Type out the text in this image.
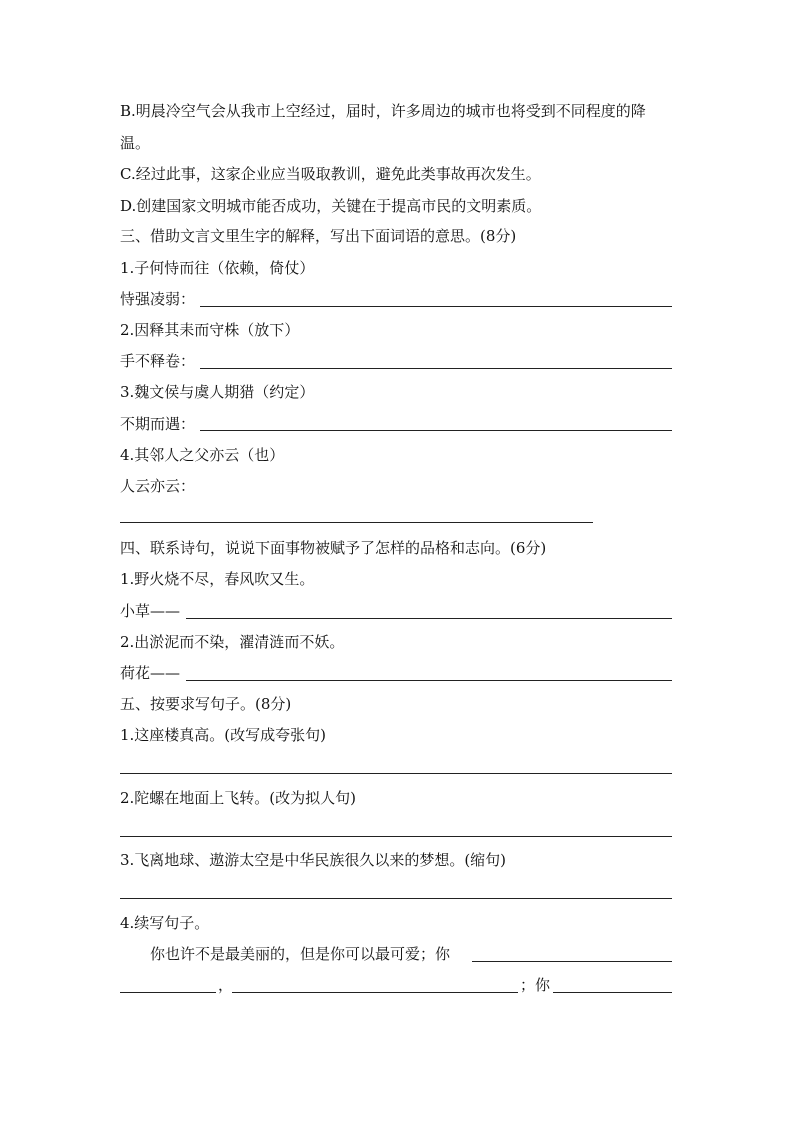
B.明晨冷空气会从我市上空经过，届时，许多周边的城市也将受到不同程度的降
温。
C.经过此事，这家企业应当吸取教训，避免此类事故再次发生。
D.创建国家文明城市能否成功，关键在于提高市民的文明素质。
三、借助文言文里生字的解释，写出下面词语的意思。(8分)
1.子何恃而往（依赖，倚仗）
恃强凌弱：
2.因释其耒而守株（放下）
手不释卷：
3.魏文侯与虞人期猎（约定）
不期而遇：
4.其邻人之父亦云（也）
人云亦云：
四、联系诗句，说说下面事物被赋予了怎样的品格和志向。(6分)
1.野火烧不尽，春风吹又生。
小草——
2.出淤泥而不染，濯清涟而不妖。
荷花——
五、按要求写句子。(8分)
1.这座楼真高。(改写成夸张句)
2.陀螺在地面上飞转。(改为拟人句)
3.飞离地球、遨游太空是中华民族很久以来的梦想。(缩句)
4.续写句子。
你也许不是最美丽的，但是你可以最可爱；你
，	；你
